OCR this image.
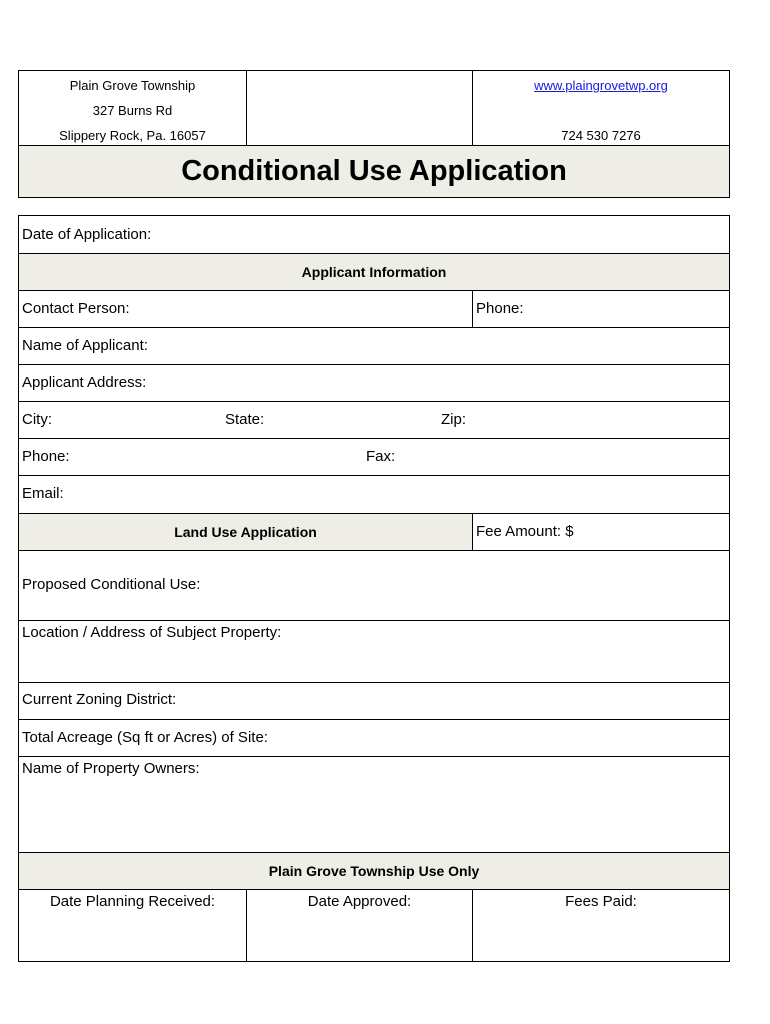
Plain Grove Township
327 Burns Rd
Slippery Rock, Pa. 16057
www.plaingrovetwp.org
724 530 7276
Conditional Use Application
Date of Application:
Applicant Information
Contact Person:	Phone:
Name of Applicant:
Applicant Address:
City:	State:	Zip:
Phone:	Fax:
Email:
Land Use Application	Fee Amount: $
Proposed Conditional Use:
Location / Address of Subject Property:
Current Zoning District:
Total Acreage (Sq ft or Acres) of Site:
Name of Property Owners:
Plain Grove Township Use Only
Date Planning Received:	Date Approved:	Fees Paid:
